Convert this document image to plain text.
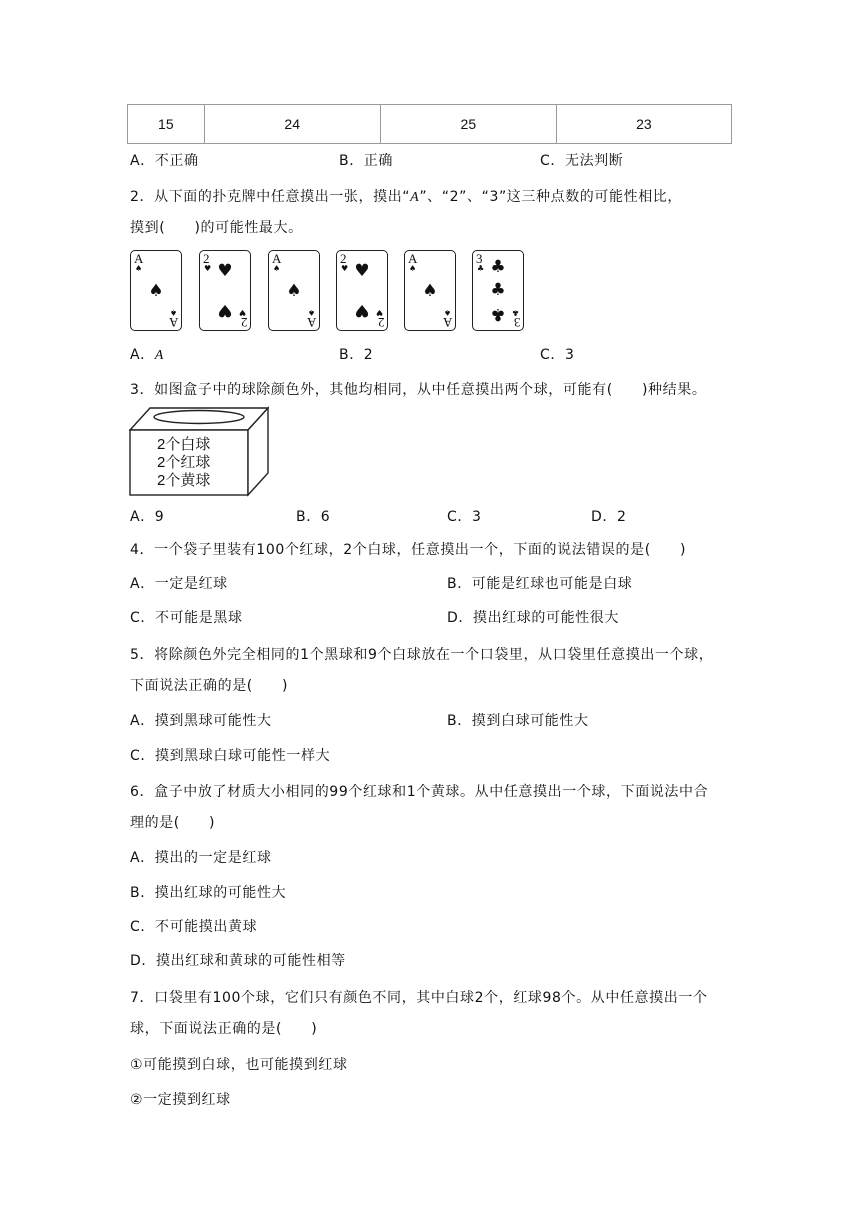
15	24	25	23
A．不正确	B．正确	C．无法判断
2．从下面的扑克牌中任意摸出一张，摸出“A”、“2”、“3”这三种点数的可能性相比，
摸到(　　)的可能性最大。
A
♠
♠
♠
A
2
♥ ♥
♥ ♥
2
A
♠
♠
♠
A
2
♥ ♥
♥ ♥
2
A
♠
♠
♠
A
3
♣ ♣
♣
♣ ♣
3
A．A	B．2	C．3
3．如图盒子中的球除颜色外，其他均相同，从中任意摸出两个球，可能有(　　)种结果。
2个白球
2个红球
2个黄球
A．9	B．6	C．3	D．2
4．一个袋子里装有100个红球，2个白球，任意摸出一个，下面的说法错误的是(　　)
A．一定是红球	B．可能是红球也可能是白球
C．不可能是黑球	D．摸出红球的可能性很大
5．将除颜色外完全相同的1个黑球和9个白球放在一个口袋里，从口袋里任意摸出一个球，
下面说法正确的是(　　)
A．摸到黑球可能性大	B．摸到白球可能性大
C．摸到黑球白球可能性一样大
6．盒子中放了材质大小相同的99个红球和1个黄球。从中任意摸出一个球，下面说法中合
理的是(　　)
A．摸出的一定是红球
B．摸出红球的可能性大
C．不可能摸出黄球
D．摸出红球和黄球的可能性相等
7．口袋里有100个球，它们只有颜色不同，其中白球2个，红球98个。从中任意摸出一个
球，下面说法正确的是(　　)
①可能摸到白球，也可能摸到红球
②一定摸到红球
